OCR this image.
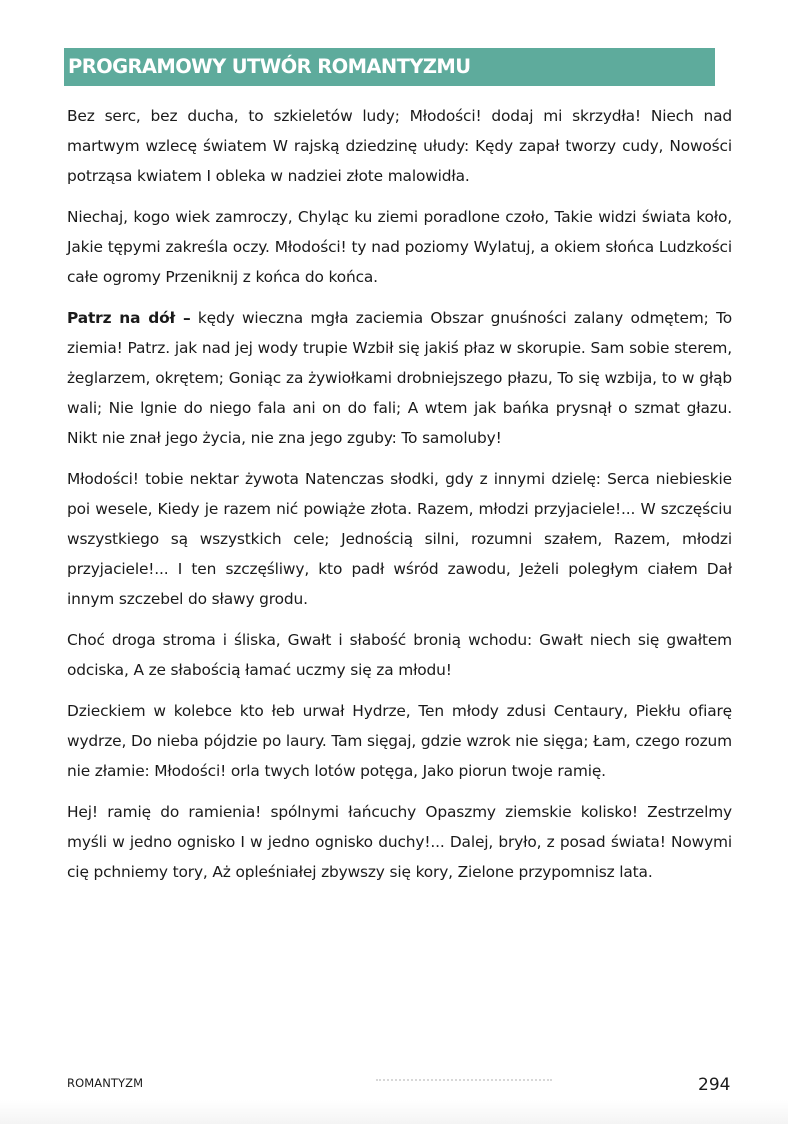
PROGRAMOWY UTWÓR ROMANTYZMU

Bez serc, bez ducha, to szkieletów ludy; Młodości! dodaj mi skrzydła! Niech nad martwym wzlecę światem W rajską dziedzinę ułudy: Kędy zapał tworzy cudy, Nowości potrząsa kwiatem I obleka w nadziei złote malowidła.

Niechaj, kogo wiek zamroczy, Chyląc ku ziemi poradlone czoło, Takie widzi świata koło, Jakie tępymi zakreśla oczy. Młodości! ty nad poziomy Wylatuj, a okiem słońca Ludzkości całe ogromy Przeniknij z końca do końca.

Patrz na dół – kędy wieczna mgła zaciemia Obszar gnuśności zalany odmętem; To ziemia! Patrz. jak nad jej wody trupie Wzbił się jakiś płaz w skorupie. Sam sobie sterem, żeglarzem, okrętem; Goniąc za żywiołkami drobniejszego płazu, To się wzbija, to w głąb wali; Nie lgnie do niego fala ani on do fali; A wtem jak bańka prysnął o szmat głazu. Nikt nie znał jego życia, nie zna jego zguby: To samoluby!

Młodości! tobie nektar żywota Natenczas słodki, gdy z innymi dzielę: Serca niebieskie poi wesele, Kiedy je razem nić powiąże złota. Razem, młodzi przyjaciele!... W szczęściu wszystkiego są wszystkich cele; Jednością silni, rozumni szałem, Razem, młodzi przyjaciele!... I ten szczęśliwy, kto padł wśród zawodu, Jeżeli poległym ciałem Dał innym szczebel do sławy grodu.

Choć droga stroma i śliska, Gwałt i słabość bronią wchodu: Gwałt niech się gwałtem odciska, A ze słabością łamać uczmy się za młodu!

Dzieckiem w kolebce kto łeb urwał Hydrze, Ten młody zdusi Centaury, Piekłu ofiarę wydrze, Do nieba pójdzie po laury. Tam sięgaj, gdzie wzrok nie sięga; Łam, czego rozum nie złamie: Młodości! orla twych lotów potęga, Jako piorun twoje ramię.

Hej! ramię do ramienia! spólnymi łańcuchy Opaszmy ziemskie kolisko! Zestrzelmy myśli w jedno ognisko I w jedno ognisko duchy!... Dalej, bryło, z posad świata! Nowymi cię pchniemy tory, Aż opleśniałej zbywszy się kory, Zielone przypomnisz lata.

ROMANTYZM	294
